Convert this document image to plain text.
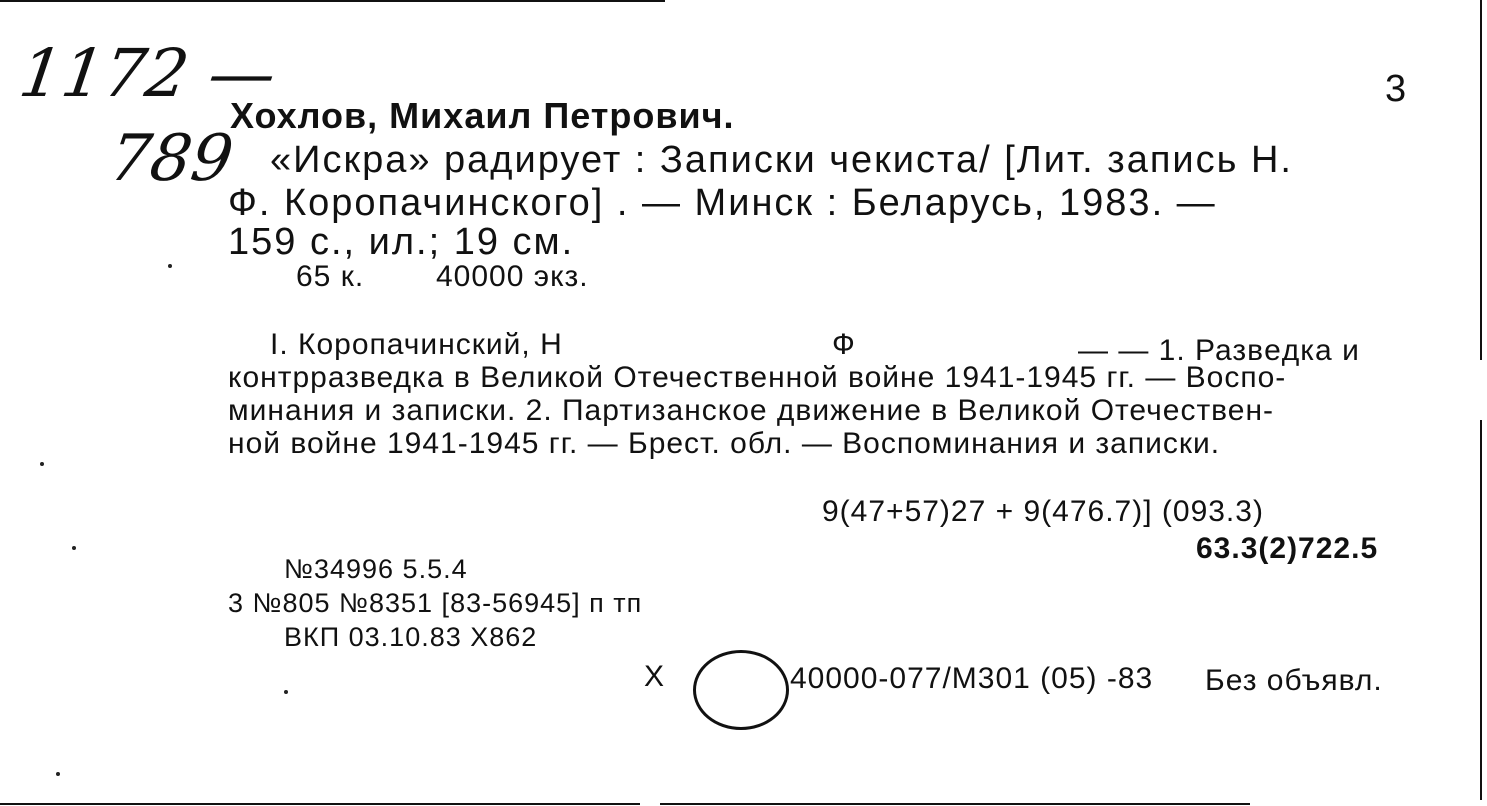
1172 —
789
3
Хохлов, Михаил Петрович.
«Искра» радирует : Записки чекиста/ [Лит. запись Н.
Ф. Коропачинского] . — Минск : Беларусь, 1983. —
159 с., ил.; 19 см.
65 к. 40000 экз.
I. Коропачинский, Н	Ф	— — 1. Развeдка и
контрразведка в Великой Отечественной войне 1941-1945 гг. — Воспо-
минания и записки. 2. Партизанское движение в Великой Отечествен-
ной войне 1941-1945 гг. — Брест. обл. — Воспоминания и записки.
9(47+57)27 + 9(476.7)] (093.3)
63.3(2)722.5
№34996 5.5.4
3 №805 №8351 [83-56945] п тп
ВКП 03.10.83 Х862
Х	40000-077/М301 (05) -83 Без объявл.
